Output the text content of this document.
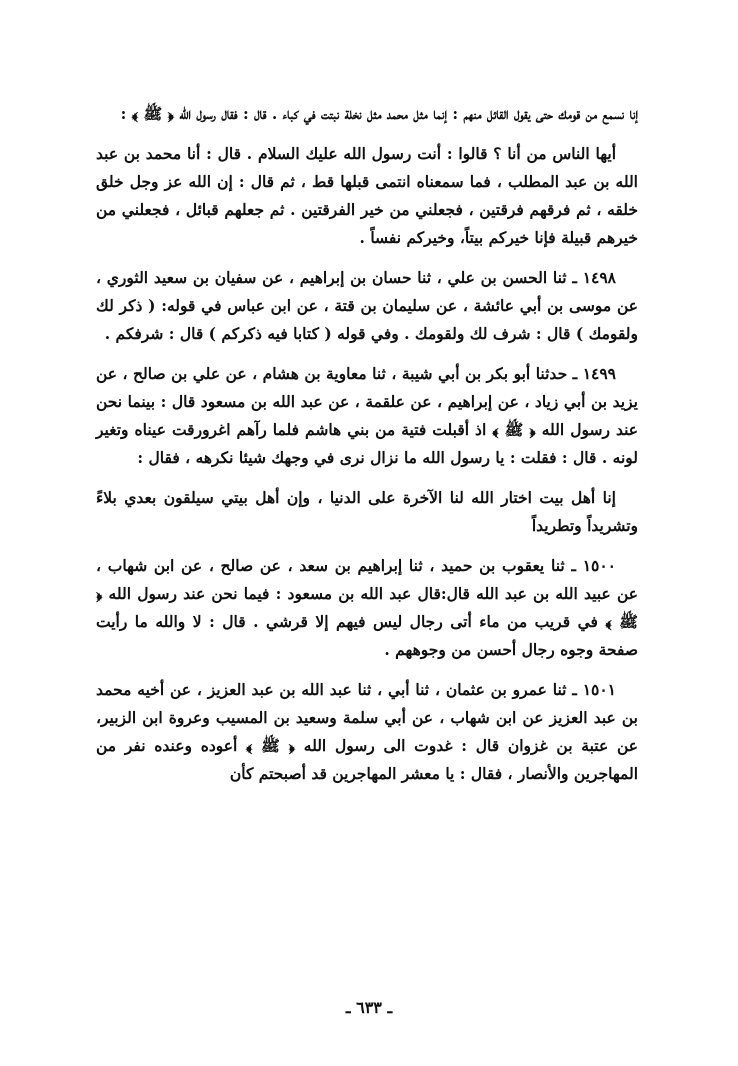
إنا نسمع من قومك حتى يقول القائل منهم : إنما مثل محمد مثل نخلة نبتت في كباء . قال : فقال رسول الله ﴿ ﷺ ﴾ :

أيها الناس من أنا ؟ قالوا : أنت رسول الله عليك السلام . قال : أنا محمد بن عبد الله بن عبد المطلب ، فما سمعناه انتمى قبلها قط ، ثم قال : إن الله عز وجل خلق خلقه ، ثم فرقهم فرقتين ، فجعلني من خير الفرقتين . ثم جعلهم قبائل ، فجعلني من خيرهم قبيلة فإنا خيركم بيتاً، وخيركم نفساً .

١٤٩٨ ـ ثنا الحسن بن علي ، ثنا حسان بن إبراهيم ، عن سفيان بن سعيد الثوري ، عن موسى بن أبي عائشة ، عن سليمان بن قتة ، عن ابن عباس في قوله: ( ذكر لك ولقومك ) قال : شرف لك ولقومك . وفي قوله ( كتابا فيه ذكركم ) قال : شرفكم .

١٤٩٩ ـ حدثنا أبو بكر بن أبي شيبة ، ثنا معاوية بن هشام ، عن علي بن صالح ، عن يزيد بن أبي زياد ، عن إبراهيم ، عن علقمة ، عن عبد الله بن مسعود قال : بينما نحن عند رسول الله ﴿ ﷺ ﴾ اذ أقبلت فتية من بني هاشم فلما رآهم اغرورقت عيناه وتغير لونه . قال : فقلت : يا رسول الله ما نزال نرى في وجهك شيئا نكرهه ، فقال :

إنا أهل بيت اختار الله لنا الآخرة على الدنيا ، وإن أهل بيتي سيلقون بعدي بلاءً وتشريداً وتطريداً

١٥٠٠ ـ ثنا يعقوب بن حميد ، ثنا إبراهيم بن سعد ، عن صالح ، عن ابن شهاب ، عن عبيد الله بن عبد الله قال:قال عبد الله بن مسعود : فيما نحن عند رسول الله ﴿ ﷺ ﴾ في قريب من ماء أتى رجال ليس فيهم إلا قرشي . قال : لا والله ما رأيت صفحة وجوه رجال أحسن من وجوههم .

١٥٠١ ـ ثنا عمرو بن عثمان ، ثنا أبي ، ثنا عبد الله بن عبد العزيز ، عن أخيه محمد بن عبد العزيز عن ابن شهاب ، عن أبي سلمة وسعيد بن المسيب وعروة ابن الزبير، عن عتبة بن غزوان قال : غدوت الى رسول الله ﴿ ﷺ ﴾ أعوده وعنده نفر من المهاجرين والأنصار ، فقال : يا معشر المهاجرين قد أصبحتم كأن

ـ ٦٣٣ ـ
